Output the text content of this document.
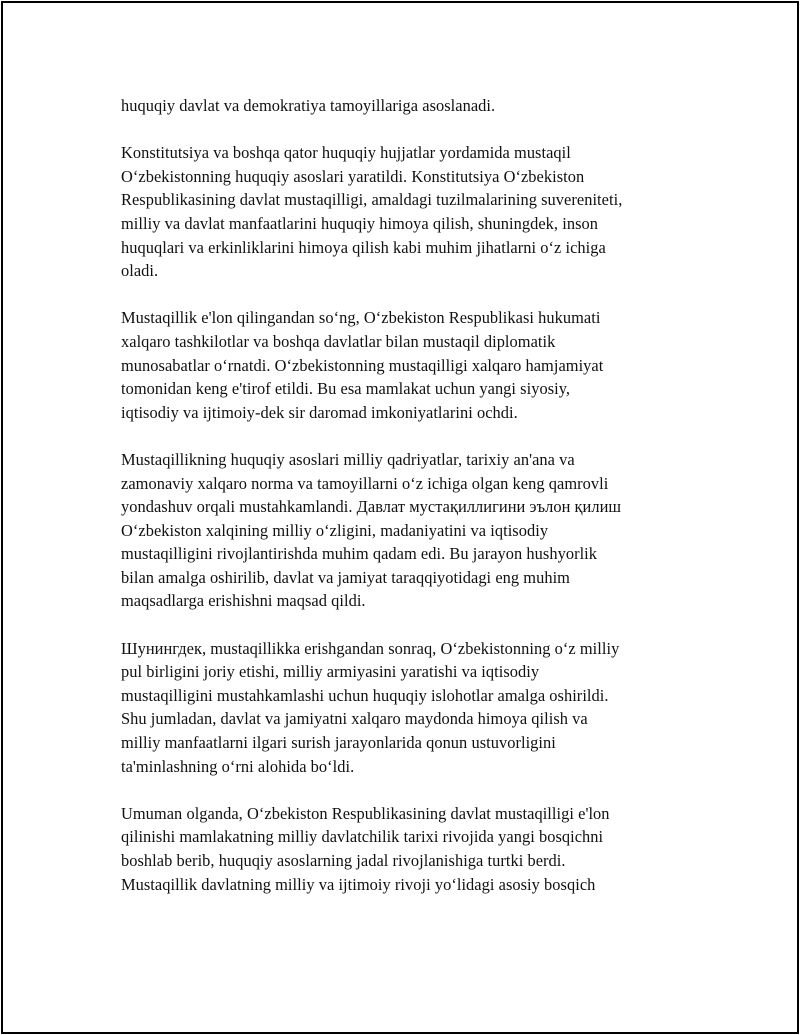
huquqiy davlat va demokratiya tamoyillariga asoslanadi.

Konstitutsiya va boshqa qator huquqiy hujjatlar yordamida mustaqil
O‘zbekistonning huquqiy asoslari yaratildi. Konstitutsiya O‘zbekiston
Respublikasining davlat mustaqilligi, amaldagi tuzilmalarining suvereniteti,
milliy va davlat manfaatlarini huquqiy himoya qilish, shuningdek, inson
huquqlari va erkinliklarini himoya qilish kabi muhim jihatlarni o‘z ichiga
oladi.

Mustaqillik e'lon qilingandan so‘ng, O‘zbekiston Respublikasi hukumati
xalqaro tashkilotlar va boshqa davlatlar bilan mustaqil diplomatik
munosabatlar o‘rnatdi. O‘zbekistonning mustaqilligi xalqaro hamjamiyat
tomonidan keng e'tirof etildi. Bu esa mamlakat uchun yangi siyosiy,
iqtisodiy va ijtimoiy-dek sir daromad imkoniyatlarini ochdi.

Mustaqillikning huquqiy asoslari milliy qadriyatlar, tarixiy an'ana va
zamonaviy xalqaro norma va tamoyillarni o‘z ichiga olgan keng qamrovli
yondashuv orqali mustahkamlandi. Давлат мустақиллигини эълон қилиш
O‘zbekiston xalqining milliy o‘zligini, madaniyatini va iqtisodiy
mustaqilligini rivojlantirishda muhim qadam edi. Bu jarayon hushyorlik
bilan amalga oshirilib, davlat va jamiyat taraqqiyotidagi eng muhim
maqsadlarga erishishni maqsad qildi.

Шунингдек, mustaqillikka erishgandan sonraq, O‘zbekistonning o‘z milliy
pul birligini joriy etishi, milliy armiyasini yaratishi va iqtisodiy
mustaqilligini mustahkamlashi uchun huquqiy islohotlar amalga oshirildi.
Shu jumladan, davlat va jamiyatni xalqaro maydonda himoya qilish va
milliy manfaatlarni ilgari surish jarayonlarida qonun ustuvorligini
ta'minlashning o‘rni alohida bo‘ldi.

Umuman olganda, O‘zbekiston Respublikasining davlat mustaqilligi e'lon
qilinishi mamlakatning milliy davlatchilik tarixi rivojida yangi bosqichni
boshlab berib, huquqiy asoslarning jadal rivojlanishiga turtki berdi.
Mustaqillik davlatning milliy va ijtimoiy rivoji yo‘lidagi asosiy bosqich
